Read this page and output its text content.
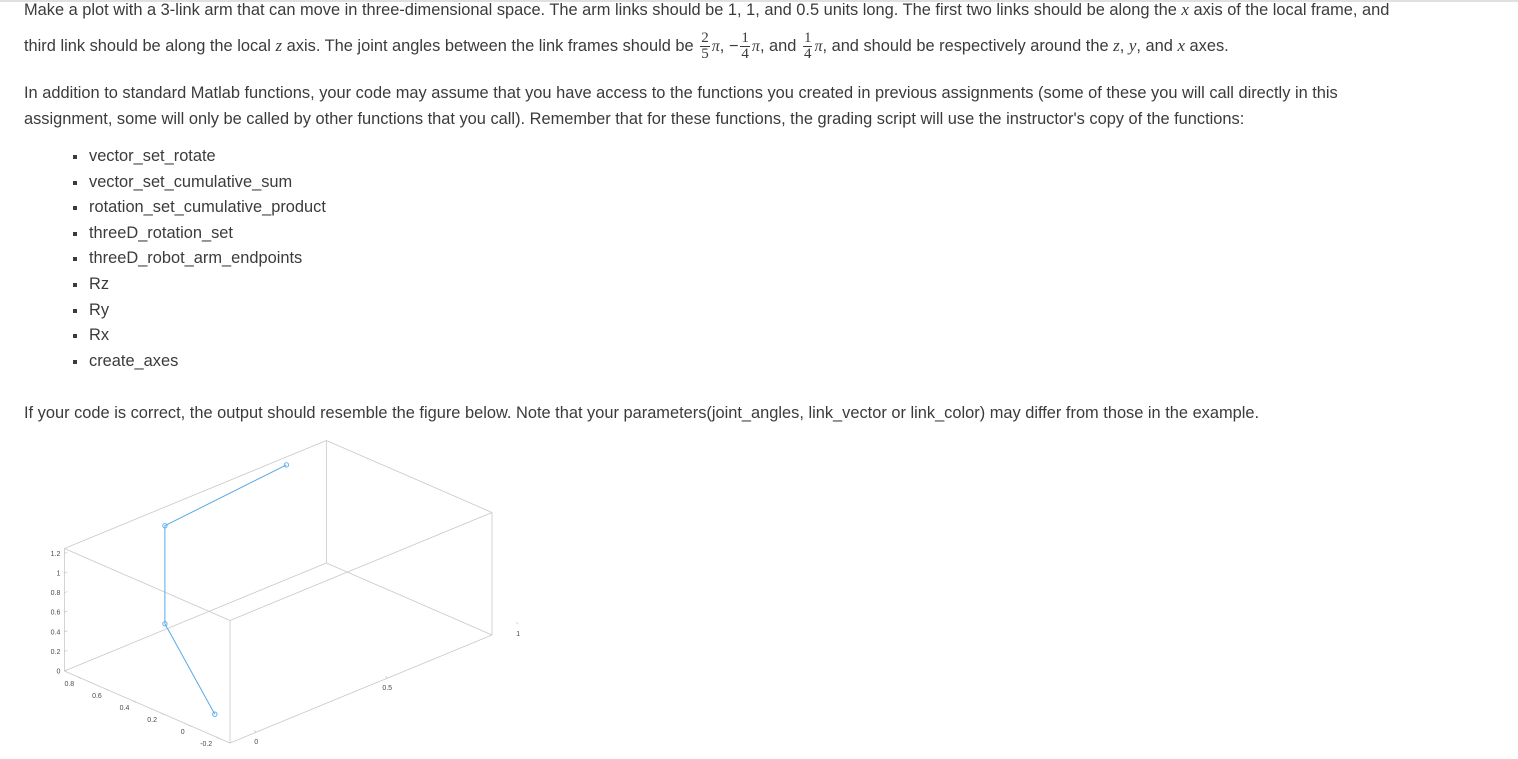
Make a plot with a 3-link arm that can move in three-dimensional space. The arm links should be 1, 1, and 0.5 units long. The first two links should be along the x axis of the local frame, and
third link should be along the local z axis. The joint angles between the link frames should be $\frac{2}{5} \pi$, − $\frac{1}{4} \pi$, and $\frac{1}{4} \pi$, and should be respectively around the z, y, and x axes.
In addition to standard Matlab functions, your code may assume that you have access to the functions you created in previous assignments (some of these you will call directly in this
assignment, some will only be called by other functions that you call). Remember that for these functions, the grading script will use the instructor's copy of the functions:
vector_set_rotate
vector_set_cumulative_sum
rotation_set_cumulative_product
threeD_rotation_set
threeD_robot_arm_endpoints
Rz
Ry
Rx
create_axes
If your code is correct, the output should resemble the figure below. Note that your parameters(joint_angles, link_vector or link_color) may differ from those in the example.
1.2
1
0.8
0.6
0.4
0.2
0
0.8
0.6
0.4
0.2
0
-0.2	0
0.5
1
